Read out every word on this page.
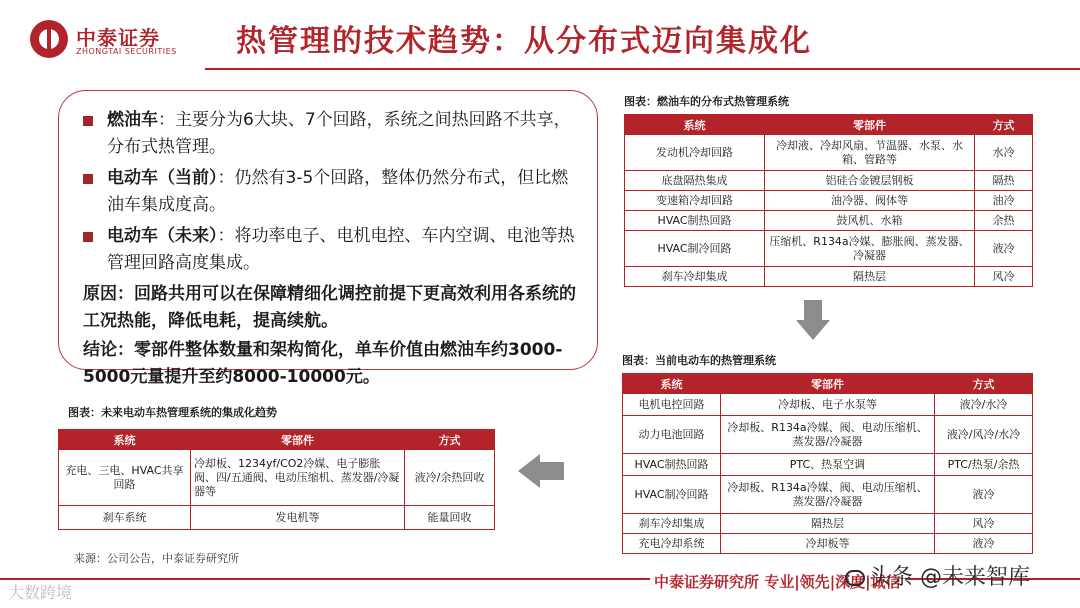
中泰证券
ZHONGTAI SECURITIES 热管理的技术趋势：从分布式迈向集成化
燃油车：主要分为6大块、7个回路，系统之间热回路不共享，分布式热管理。
电动车（当前）：仍然有3-5个回路，整体仍然分布式，但比燃油车集成度高。
电动车（未来）：将功率电子、电机电控、车内空调、电池等热管理回路高度集成。
原因：回路共用可以在保障精细化调控前提下更高效利用各系统的工况热能，降低电耗，提高续航。
结论：零部件整体数量和架构简化，单车价值由燃油车约3000-5000元量提升至约8000-10000元。
图表：燃油车的分布式热管理系统
系统	零部件	方式
发动机冷却回路	冷却液、冷却风扇、节温器、水泵、水箱、管路等	水冷
底盘隔热集成	铝硅合金镀层钢板	隔热
变速箱冷却回路	油冷器、阀体等	油冷
HVAC制热回路	鼓风机、水箱	余热
HVAC制冷回路	压缩机、R134a冷媒、膨胀阀、蒸发器、冷凝器	液冷
刹车冷却集成	隔热层	风冷
图表：当前电动车的热管理系统
系统	零部件	方式
电机电控回路	冷却板、电子水泵等	液冷/水冷
动力电池回路	冷却板、R134a冷媒、阀、电动压缩机、蒸发器/冷凝器	液冷/风冷/水冷
HVAC制热回路	PTC、热泵空调	PTC/热泵/余热
HVAC制冷回路	冷却板、R134a冷媒、阀、电动压缩机、蒸发器/冷凝器	液冷
刹车冷却集成	隔热层	风冷
充电冷却系统	冷却板等	液冷
图表：未来电动车热管理系统的集成化趋势
系统	零部件	方式
充电、三电、HVAC共享回路	冷却板、1234yf/CO2冷媒、电子膨胀阀、四/五通阀、电动压缩机、蒸发器/冷凝器等	液冷/余热回收
刹车系统	发电机等	能量回收
来源：公司公告，中泰证券研究所
中泰证券研究所 专业|领先|深度|诚信
大数跨境
头条 @未来智库
